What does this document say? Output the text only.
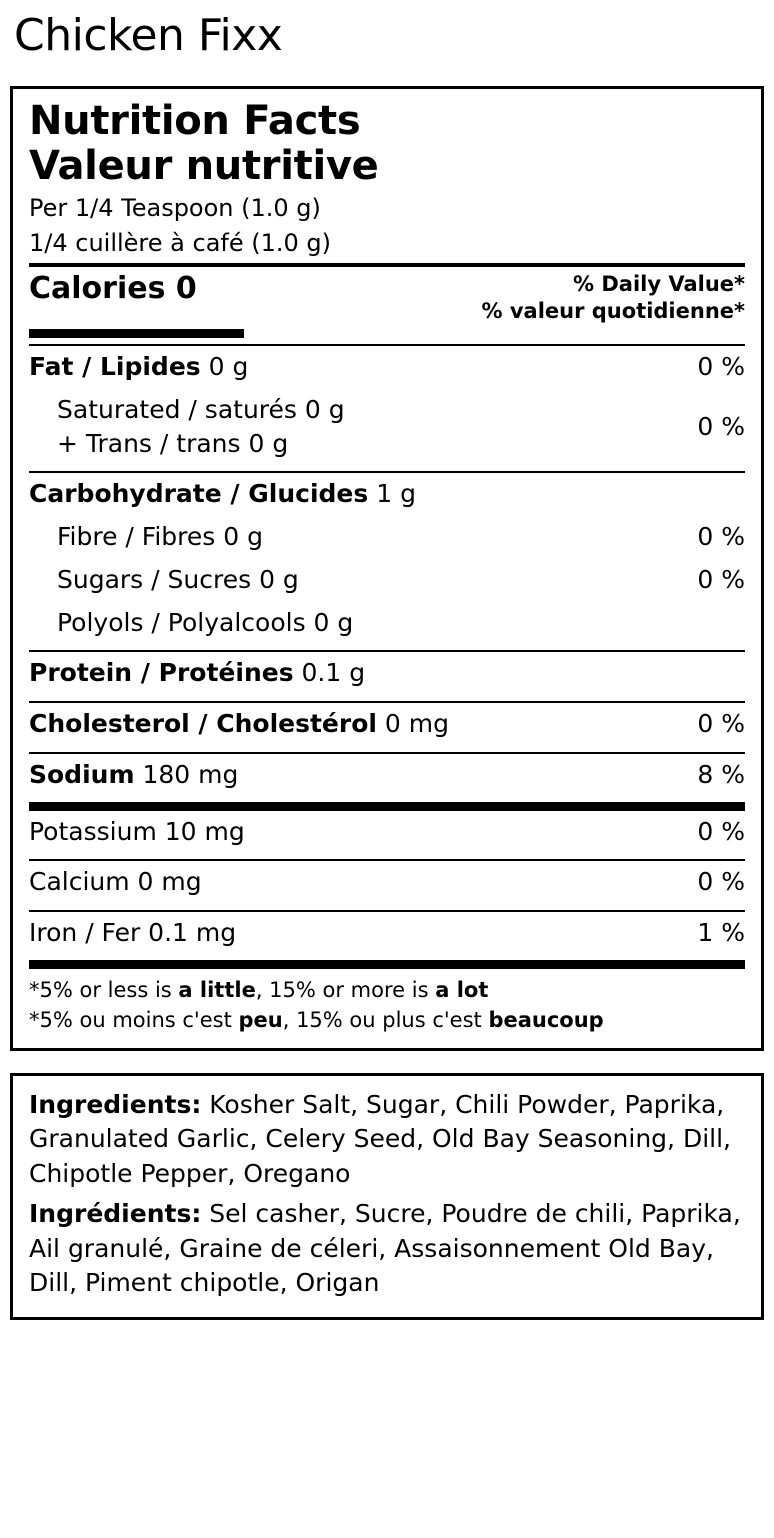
Chicken Fixx
Nutrition Facts
Valeur nutritive
Per 1/4 Teaspoon (1.0 g)
1/4 cuillère à café (1.0 g)
Calories 0	% Daily Value*
% valeur quotidienne*
Fat / Lipides 0 g	0 %
Saturated / saturés 0 g
+ Trans / trans 0 g
0 %
Carbohydrate / Glucides 1 g
Fibre / Fibres 0 g	0 %
Sugars / Sucres 0 g	0 %
Polyols / Polyalcools 0 g
Protein / Protéines 0.1 g
Cholesterol / Cholestérol 0 mg	0 %
Sodium 180 mg	8 %
Potassium 10 mg	0 %
Calcium 0 mg	0 %
Iron / Fer 0.1 mg	1 %
*5% or less is a little, 15% or more is a lot
*5% ou moins c'est peu, 15% ou plus c'est beaucoup
Ingredients: Kosher Salt, Sugar, Chili Powder, Paprika, Granulated Garlic, Celery Seed, Old Bay Seasoning, Dill, Chipotle Pepper, Oregano
Ingrédients: Sel casher, Sucre, Poudre de chili, Paprika, Ail granulé, Graine de céleri, Assaisonnement Old Bay, Dill, Piment chipotle, Origan
